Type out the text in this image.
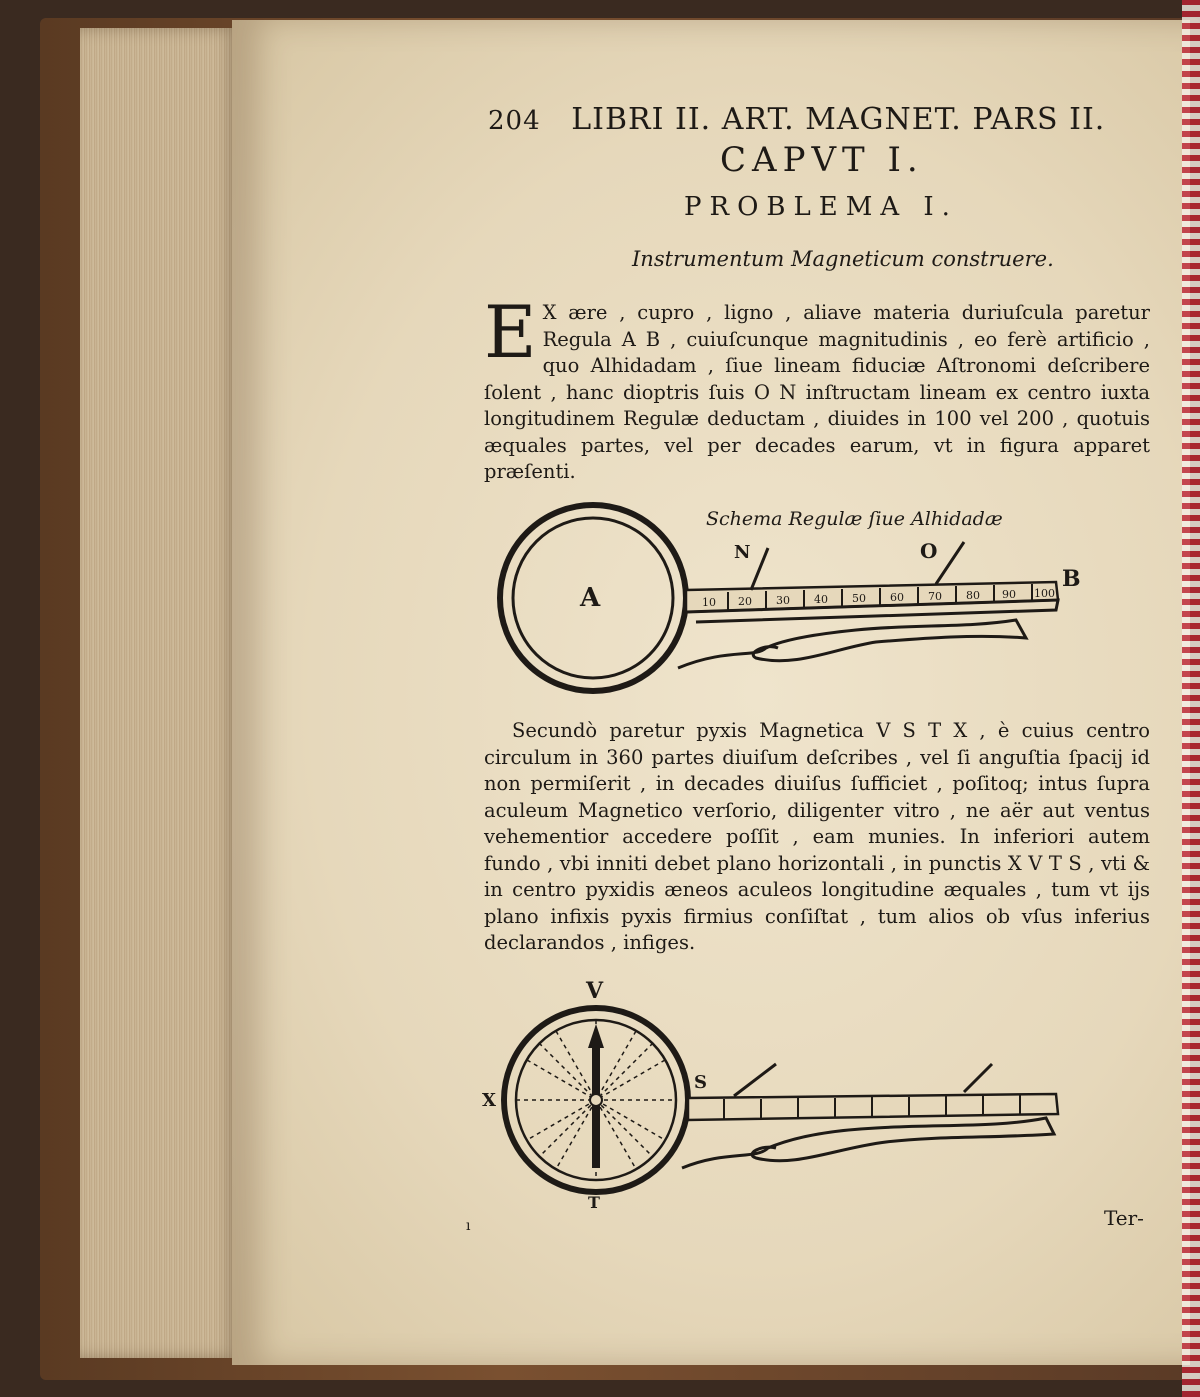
204 LIBRI II. ART. MAGNET. PARS II.
CAPVT I.
PROBLEMA I.
Instrumentum Magneticum construere.
E X ære , cupro , ligno , aliave materia duriuſcula paretur Regula A B , cuiuſcunque magnitudinis , eo ferè artificio , quo Alhidadam , ſiue lineam fiduciæ Aſtronomi deſcribere ſolent , hanc dioptris ſuis O N inſtructam lineam ex centro iuxta longitudinem Regulæ deductam , diuides in 100 vel 200 , quotuis æquales partes, vel per decades earum, vt in figura apparet præſenti.
Schema Regulæ ſiue Alhidadæ
10 20 30 40 50 60 70 80 90 100
A
B
N	O
Secundò paretur pyxis Magnetica V S T X , è cuius centro circulum in 360 partes diuiſum deſcribes , vel ſi anguſtia ſpacij id non permiſerit , in decades diuiſus ſufficiet , poſitoq; intus ſupra aculeum Magnetico verſorio, diligenter vitro , ne aër aut ventus vehementior accedere poſſit , eam munies. In inferiori autem fundo , vbi inniti debet plano horizontali , in punctis X V T S , vti & in centro pyxidis æneos aculeos longitudine æquales , tum vt ijs plano infixis pyxis firmius conſiſtat , tum alios ob vſus inferius declarandos , infiges.
V
X
S
T
ı	Ter-
